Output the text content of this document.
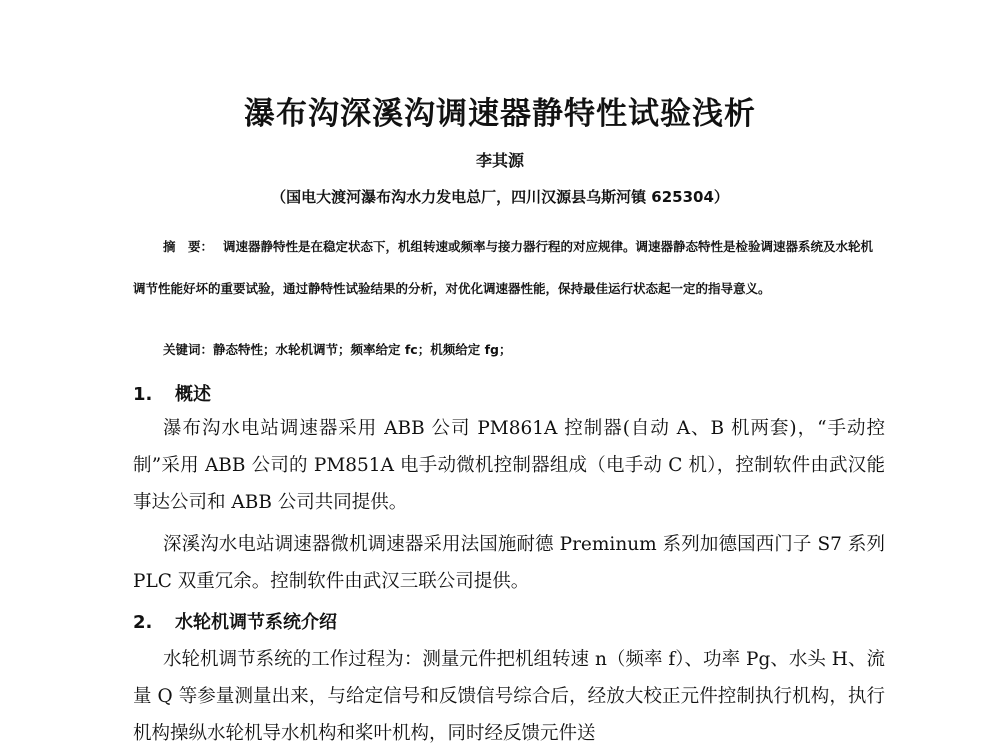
瀑布沟深溪沟调速器静特性试验浅析
李其源
（国电大渡河瀑布沟水力发电总厂，四川汉源县乌斯河镇 625304）

摘　要： 调速器静特性是在稳定状态下，机组转速或频率与接力器行程的对应规律。调速器静态特性是检验调速器系统及水轮机调节性能好坏的重要试验，通过静特性试验结果的分析，对优化调速器性能，保持最佳运行状态起一定的指导意义。

关键词：静态特性；水轮机调节；频率给定 fc；机频给定 fg；

1. 概述

瀑布沟水电站调速器采用 ABB 公司 PM861A 控制器(自动 A、B 机两套)，“手动控制”采用 ABB 公司的 PM851A 电手动微机控制器组成（电手动 C 机），控制软件由武汉能事达公司和 ABB 公司共同提供。

深溪沟水电站调速器微机调速器采用法国施耐德 Preminum 系列加德国西门子 S7 系列 PLC 双重冗余。控制软件由武汉三联公司提供。

2. 水轮机调节系统介绍

水轮机调节系统的工作过程为：测量元件把机组转速 n（频率 f）、功率 Pg、水头 H、流量 Q 等参量测量出来，与给定信号和反馈信号综合后，经放大校正元件控制执行机构，执行机构操纵水轮机导水机构和桨叶机构，同时经反馈元件送
